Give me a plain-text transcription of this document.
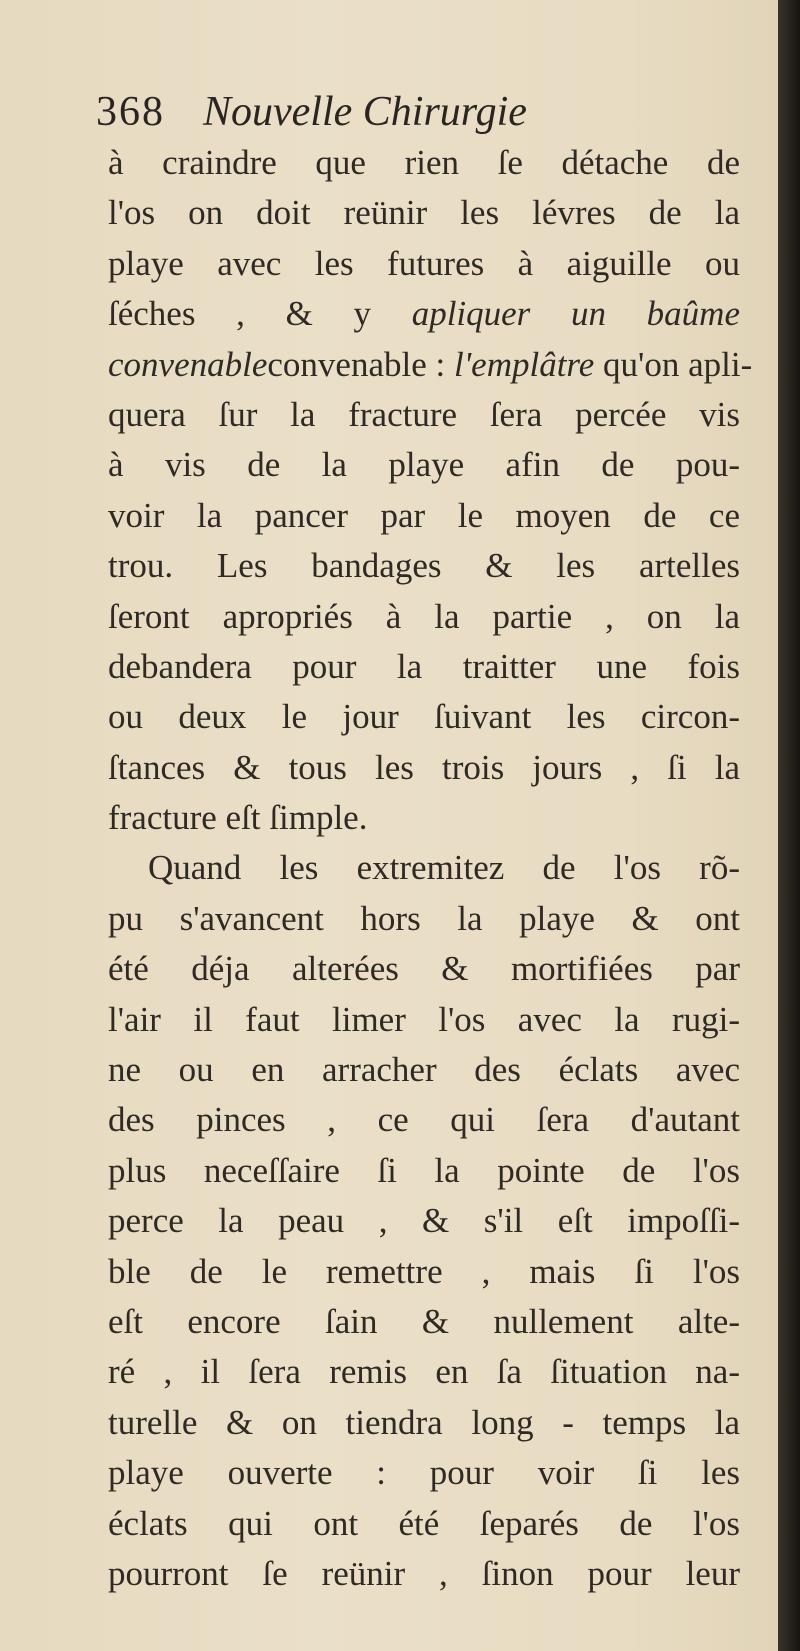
368 Nouvelle Chirurgie
à craindre que rien ſe détache de
l'os on doit reünir les lévres de la
playe avec les futures à aiguille ou
ſéches , & y apliquer un baûme
convenableconvenable : l'emplâtre qu'on apli-
quera ſur la fracture ſera percée vis
à vis de la playe afin de pou-
voir la pancer par le moyen de ce
trou. Les bandages & les artelles
ſeront apropriés à la partie , on la
debandera pour la traitter une fois
ou deux le jour ſuivant les circon-
ſtances & tous les trois jours , ſi la
fracture eſt ſimple.
Quand les extremitez de l'os rõ-
pu s'avancent hors la playe & ont
été déja alterées & mortifiées par
l'air il faut limer l'os avec la rugi-
ne ou en arracher des éclats avec
des pinces , ce qui ſera d'autant
plus neceſſaire ſi la pointe de l'os
perce la peau , & s'il eſt impoſſi-
ble de le remettre , mais ſi l'os
eſt encore ſain & nullement alte-
ré , il ſera remis en ſa ſituation na-
turelle & on tiendra long - temps la
playe ouverte : pour voir ſi les
éclats qui ont été ſeparés de l'os
pourront ſe reünir , ſinon pour leur
